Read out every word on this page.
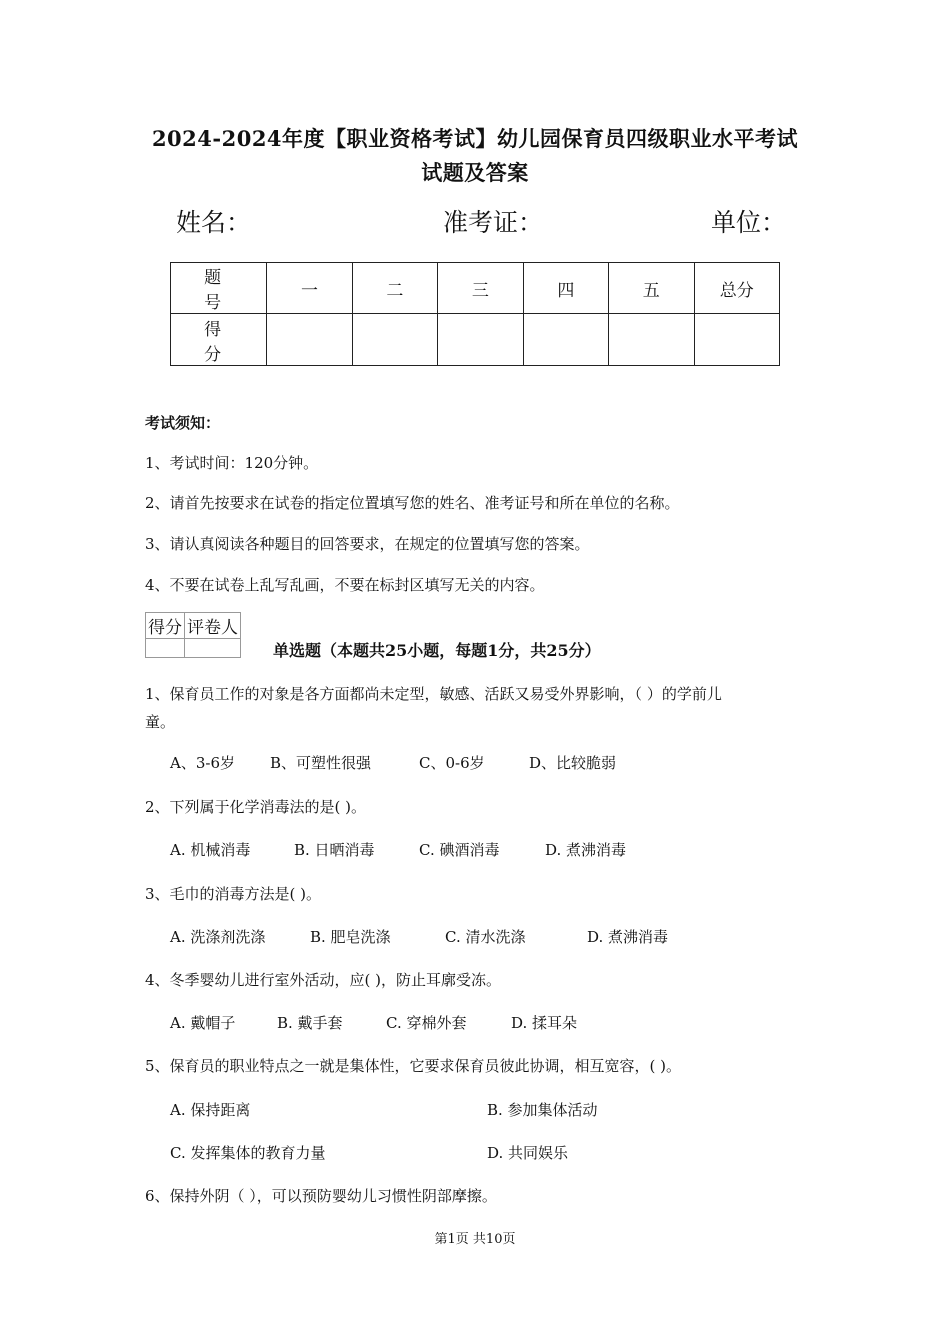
2024-2024年度【职业资格考试】幼儿园保育员四级职业水平考试
试题及答案
姓名：	准考证：	单位：
题 号	一	二	三	四	五	总分
得 分						
考试须知：
1、考试时间：120分钟。
2、请首先按要求在试卷的指定位置填写您的姓名、准考证号和所在单位的名称。
3、请认真阅读各种题目的回答要求，在规定的位置填写您的答案。
4、不要在试卷上乱写乱画，不要在标封区填写无关的内容。
得分	评卷人

单选题（本题共25小题，每题1分，共25分）
1、保育员工作的对象是各方面都尚未定型，敏感、活跃又易受外界影响，（ ）的学前儿
童。
A、3-6岁 B、可塑性很强	C、0-6岁	D、比较脆弱
2、下列属于化学消毒法的是( )。
A. 机械消毒	B. 日晒消毒	C. 碘酒消毒	D. 煮沸消毒
3、毛巾的消毒方法是( )。
A. 洗涤剂洗涤	B. 肥皂洗涤	C. 清水洗涤	D. 煮沸消毒
4、冬季婴幼儿进行室外活动，应( )，防止耳廓受冻。
A. 戴帽子	B. 戴手套	C. 穿棉外套	D. 揉耳朵
5、保育员的职业特点之一就是集体性，它要求保育员彼此协调，相互宽容，( )。
A. 保持距离	B. 参加集体活动
C. 发挥集体的教育力量	D. 共同娱乐
6、保持外阴（ ），可以预防婴幼儿习惯性阴部摩擦。
第1页 共10页
